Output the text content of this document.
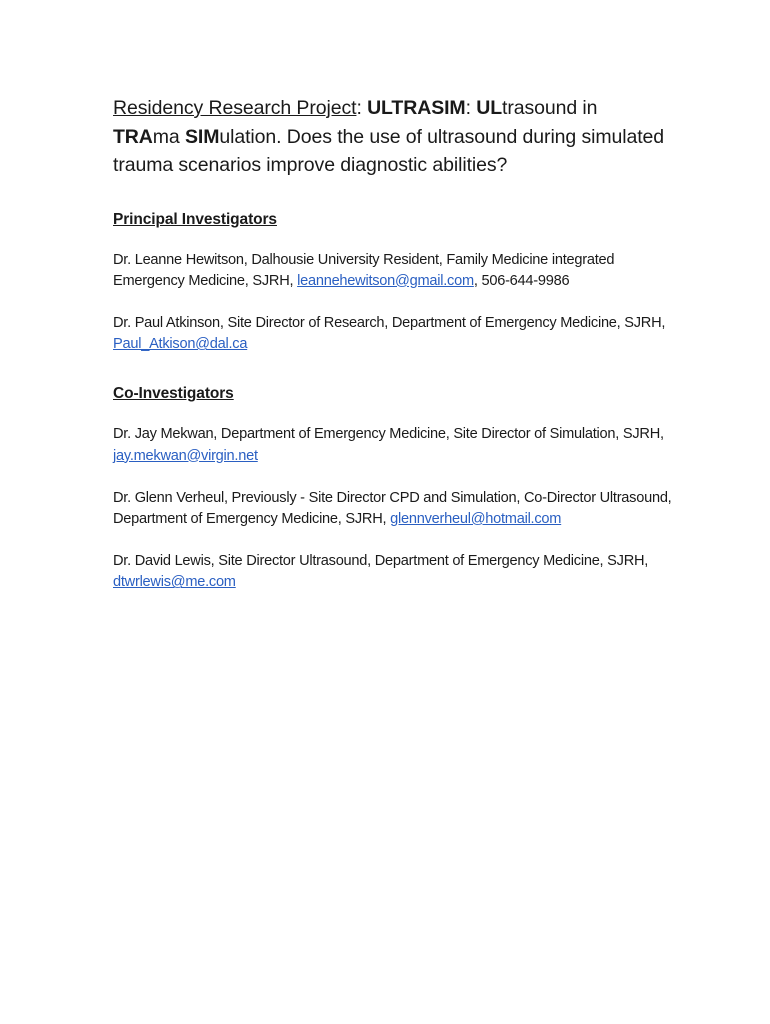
Residency Research Project: ULTRASIM: ULtrasound in
TRAma SIMulation. Does the use of ultrasound during simulated trauma scenarios improve diagnostic abilities?

Principal Investigators

Dr. Leanne Hewitson, Dalhousie University Resident, Family Medicine integrated Emergency Medicine, SJRH, leannehewitson@gmail.com, 506-644-9986

Dr. Paul Atkinson, Site Director of Research, Department of Emergency Medicine, SJRH, Paul_Atkison@dal.ca

Co-Investigators

Dr. Jay Mekwan, Department of Emergency Medicine, Site Director of Simulation, SJRH, jay.mekwan@virgin.net

Dr. Glenn Verheul, Previously - Site Director CPD and Simulation, Co-Director Ultrasound, Department of Emergency Medicine, SJRH, glennverheul@hotmail.com

Dr. David Lewis, Site Director Ultrasound, Department of Emergency Medicine, SJRH, dtwrlewis@me.com
